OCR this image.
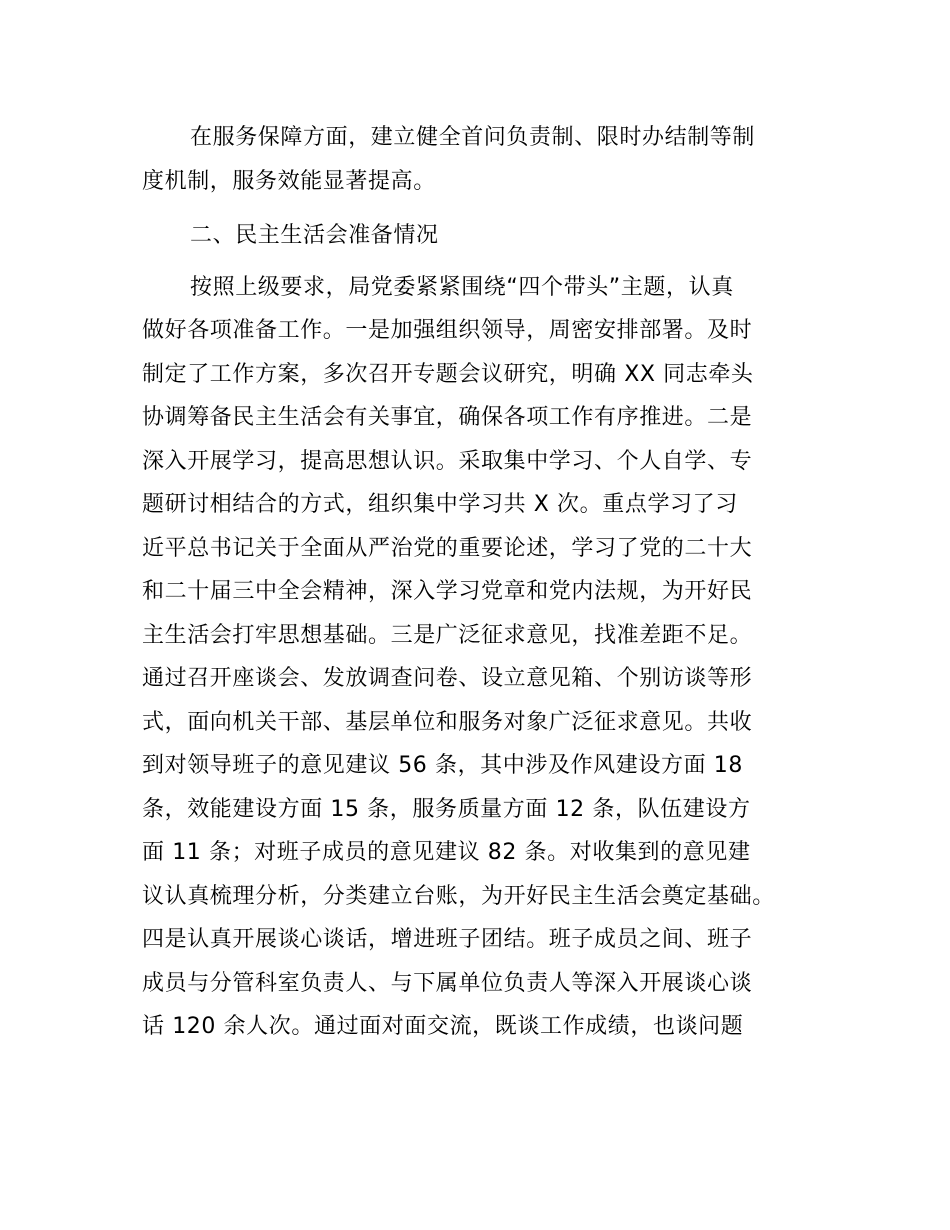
在服务保障方面，建立健全首问负责制、限时办结制等制
度机制，服务效能显著提高。
二、民主生活会准备情况
按照上级要求，局党委紧紧围绕“四个带头”主题，认真
做好各项准备工作。一是加强组织领导，周密安排部署。及时
制定了工作方案，多次召开专题会议研究，明确 XX 同志牵头
协调筹备民主生活会有关事宜，确保各项工作有序推进。二是
深入开展学习，提高思想认识。采取集中学习、个人自学、专
题研讨相结合的方式，组织集中学习共 X 次。重点学习了习
近平总书记关于全面从严治党的重要论述，学习了党的二十大
和二十届三中全会精神，深入学习党章和党内法规，为开好民
主生活会打牢思想基础。三是广泛征求意见，找准差距不足。
通过召开座谈会、发放调查问卷、设立意见箱、个别访谈等形
式，面向机关干部、基层单位和服务对象广泛征求意见。共收
到对领导班子的意见建议 56 条，其中涉及作风建设方面 18
条，效能建设方面 15 条，服务质量方面 12 条，队伍建设方
面 11 条；对班子成员的意见建议 82 条。对收集到的意见建
议认真梳理分析，分类建立台账，为开好民主生活会奠定基础。
四是认真开展谈心谈话，增进班子团结。班子成员之间、班子
成员与分管科室负责人、与下属单位负责人等深入开展谈心谈
话 120 余人次。通过面对面交流，既谈工作成绩，也谈问题
